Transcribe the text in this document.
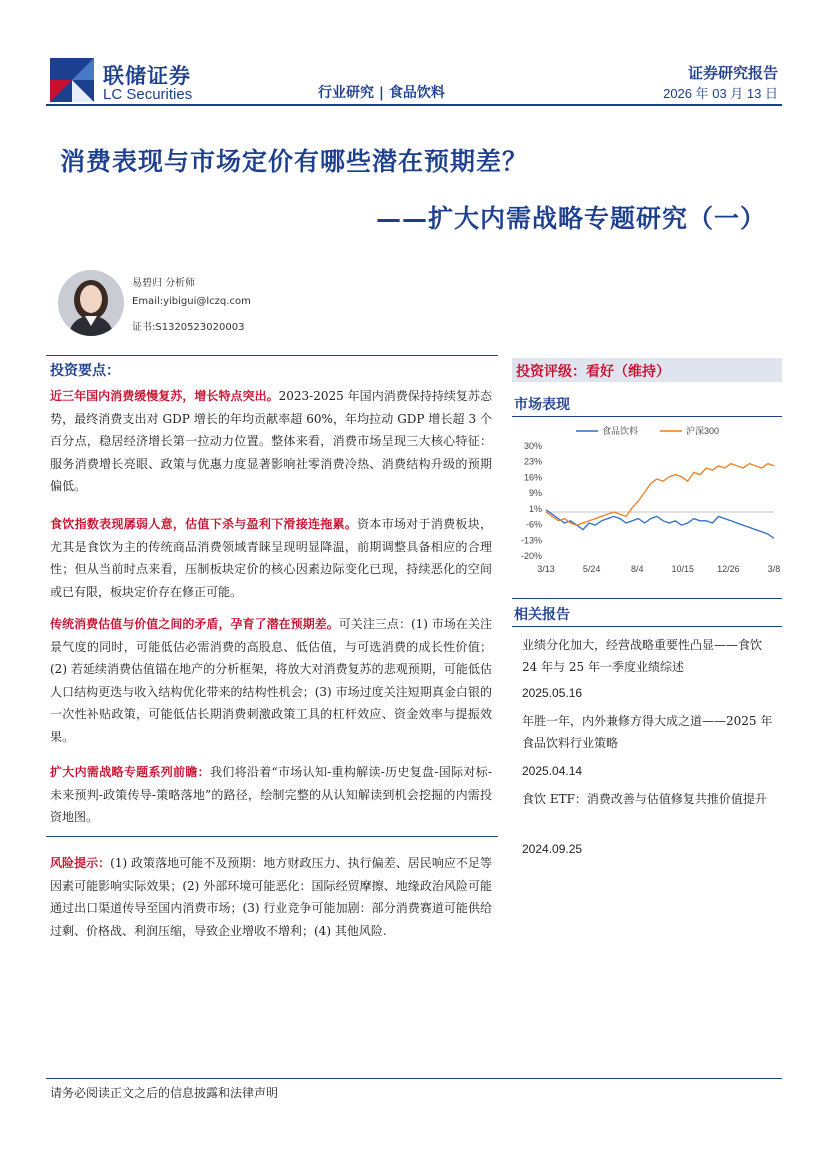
联储证券
LC Securities	行业研究 | 食品饮料
证券研究报告
2026 年 03 月 13 日
消费表现与市场定价有哪些潜在预期差？
——扩大内需战略专题研究（一）
易碧归 分析师
Email:yibigui@lczq.com
证书:S1320523020003
投资要点：
近三年国内消费缓慢复苏，增长特点突出。2023-2025 年国内消费保持持续复苏态势，最终消费支出对 GDP 增长的年均贡献率超 60%，年均拉动 GDP 增长超 3 个百分点，稳居经济增长第一拉动力位置。整体来看，消费市场呈现三大核心特征：服务消费增长亮眼、政策与优惠力度显著影响社零消费冷热、消费结构升级的预期偏低。
食饮指数表现孱弱人意，估值下杀与盈利下滑接连拖累。资本市场对于消费板块，尤其是食饮为主的传统商品消费领域青睐呈现明显降温，前期调整具备相应的合理性；但从当前时点来看，压制板块定价的核心因素边际变化已现，持续恶化的空间或已有限，板块定价存在修正可能。
传统消费估值与价值之间的矛盾，孕育了潜在预期差。可关注三点：(1) 市场在关注景气度的同时，可能低估必需消费的高股息、低估值，与可选消费的成长性价值；(2) 若延续消费估值锚在地产的分析框架，将放大对消费复苏的悲观预期，可能低估人口结构更迭与收入结构优化带来的结构性机会；(3) 市场过度关注短期真金白银的一次性补贴政策，可能低估长期消费刺激政策工具的杠杆效应、资金效率与提振效果。
扩大内需战略专题系列前瞻：我们将沿着“市场认知-重构解读-历史复盘-国际对标-未来预判-政策传导-策略落地”的路径，绘制完整的从认知解读到机会挖掘的内需投资地图。
风险提示：(1) 政策落地可能不及预期：地方财政压力、执行偏差、居民响应不足等因素可能影响实际效果；(2) 外部环境可能恶化：国际经贸摩擦、地缘政治风险可能通过出口渠道传导至国内消费市场；(3) 行业竞争可能加剧：部分消费赛道可能供给过剩、价格战、利润压缩，导致企业增收不增利；(4) 其他风险.
投资评级：看好（维持）
市场表现
食品饮料	沪深300
30%
23%
16%
9%
1%
-6%
-13%
-20%
3/13	5/24	8/4	10/15	12/26	3/8
相关报告
业绩分化加大，经营战略重要性凸显——食饮 24 年与 25 年一季度业绩综述
2025.05.16
年胜一年，内外兼修方得大成之道——2025 年食品饮料行业策略
2025.04.14
食饮 ETF：消费改善与估值修复共推价值提升
2024.09.25
请务必阅读正文之后的信息披露和法律声明
